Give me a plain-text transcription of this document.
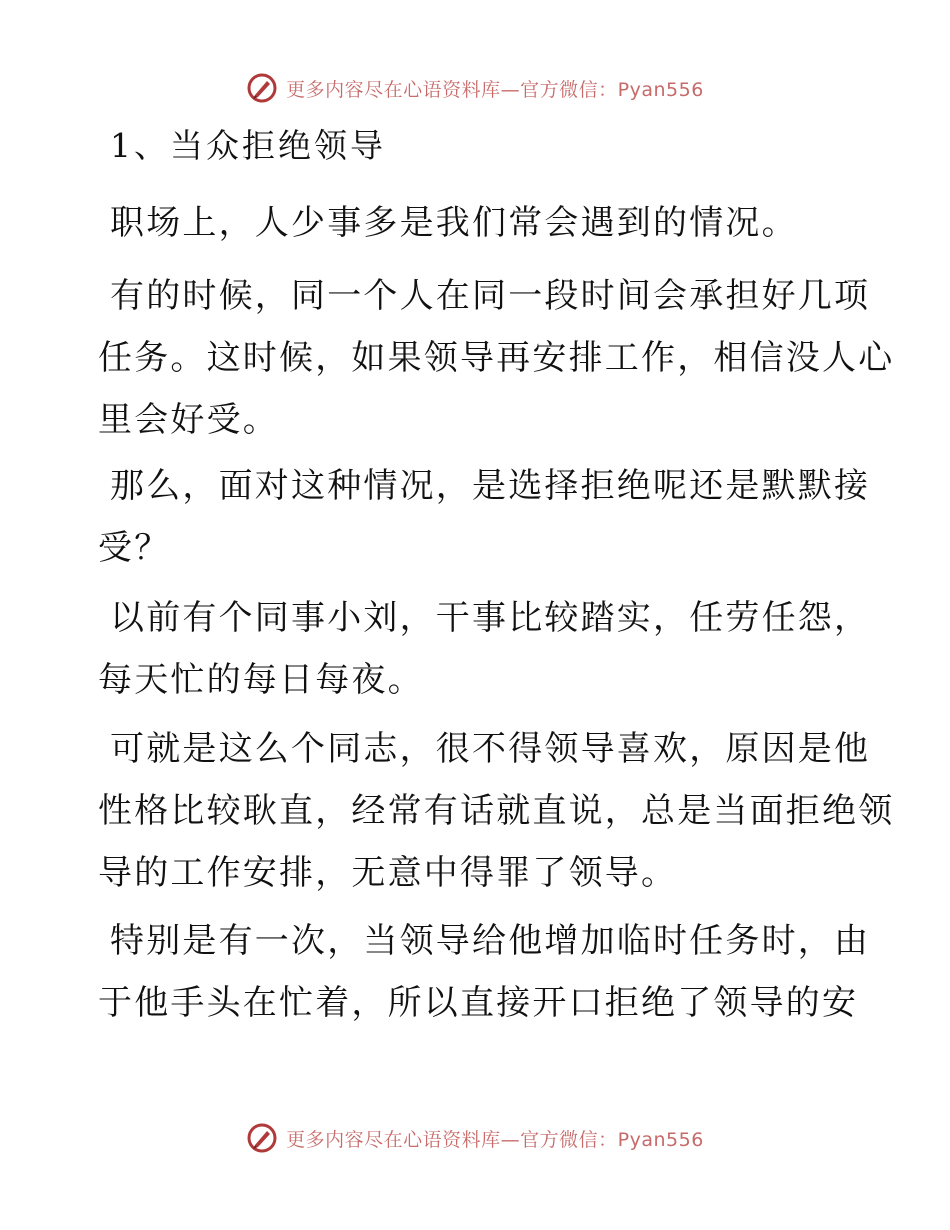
更多内容尽在心语资料库—官方微信：Pyan556
1、当众拒绝领导

职场上，人少事多是我们常会遇到的情况。

有的时候，同一个人在同一段时间会承担好几项
任务。这时候，如果领导再安排工作，相信没人心
里会好受。

那么，面对这种情况，是选择拒绝呢还是默默接
受？

以前有个同事小刘，干事比较踏实，任劳任怨，
每天忙的每日每夜。

可就是这么个同志，很不得领导喜欢，原因是他
性格比较耿直，经常有话就直说，总是当面拒绝领
导的工作安排，无意中得罪了领导。

特别是有一次，当领导给他增加临时任务时，由
于他手头在忙着，所以直接开口拒绝了领导的安

更多内容尽在心语资料库—官方微信：Pyan556
